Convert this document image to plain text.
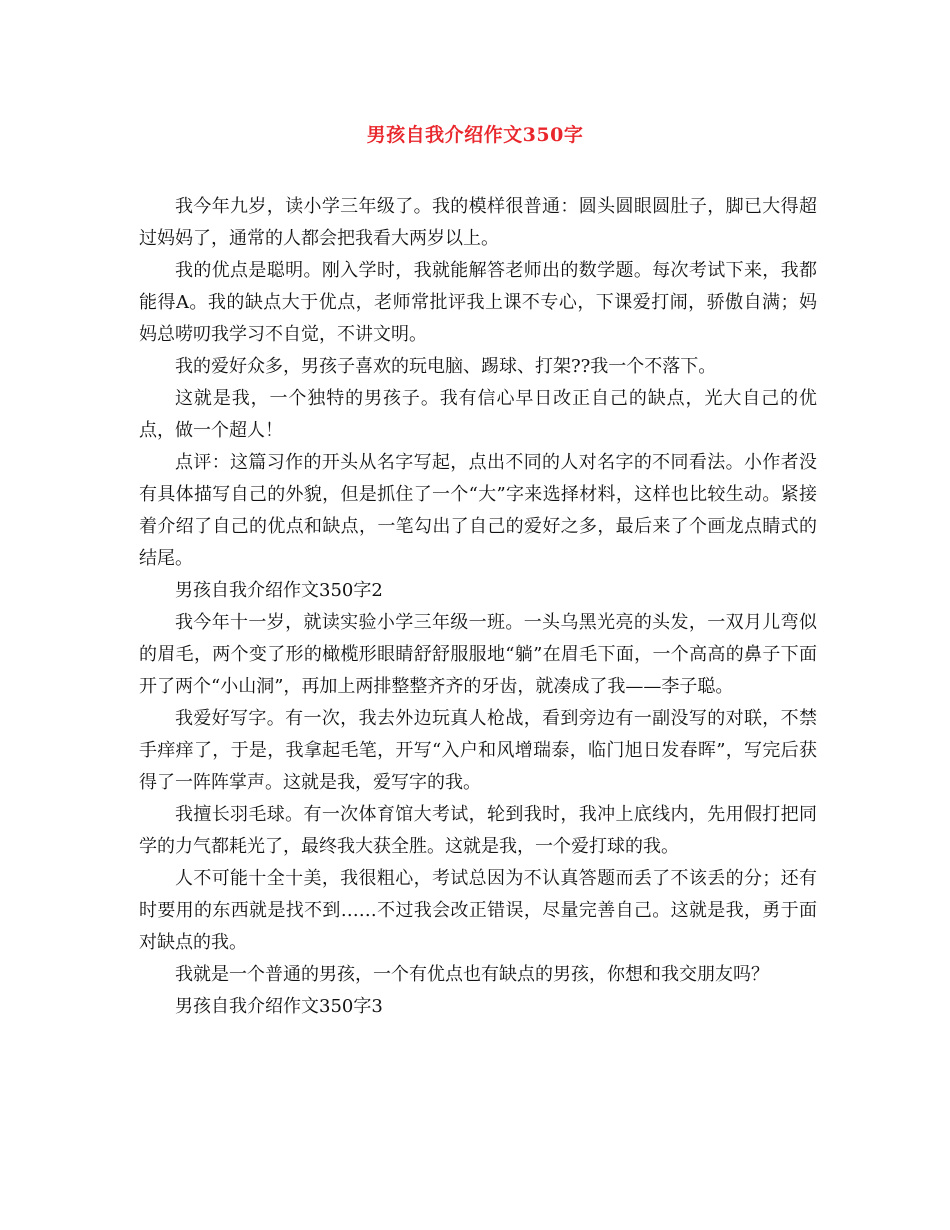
男孩自我介绍作文350字

我今年九岁，读小学三年级了。我的模样很普通：圆头圆眼圆肚子，脚已大得超过妈妈了，通常的人都会把我看大两岁以上。

我的优点是聪明。刚入学时，我就能解答老师出的数学题。每次考试下来，我都能得A。我的缺点大于优点，老师常批评我上课不专心，下课爱打闹，骄傲自满；妈妈总唠叨我学习不自觉，不讲文明。

我的爱好众多，男孩子喜欢的玩电脑、踢球、打架??我一个不落下。

这就是我，一个独特的男孩子。我有信心早日改正自己的缺点，光大自己的优点，做一个超人！

点评：这篇习作的开头从名字写起，点出不同的人对名字的不同看法。小作者没有具体描写自己的外貌，但是抓住了一个“大”字来选择材料，这样也比较生动。紧接着介绍了自己的优点和缺点，一笔勾出了自己的爱好之多，最后来了个画龙点睛式的结尾。

男孩自我介绍作文350字2

我今年十一岁，就读实验小学三年级一班。一头乌黑光亮的头发，一双月儿弯似的眉毛，两个变了形的橄榄形眼睛舒舒服服地“躺”在眉毛下面，一个高高的鼻子下面开了两个“小山洞”，再加上两排整整齐齐的牙齿，就凑成了我——李子聪。

我爱好写字。有一次，我去外边玩真人枪战，看到旁边有一副没写的对联，不禁手痒痒了，于是，我拿起毛笔，开写“入户和风增瑞泰，临门旭日发春晖”，写完后获得了一阵阵掌声。这就是我，爱写字的我。

我擅长羽毛球。有一次体育馆大考试，轮到我时，我冲上底线内，先用假打把同学的力气都耗光了，最终我大获全胜。这就是我，一个爱打球的我。

人不可能十全十美，我很粗心，考试总因为不认真答题而丢了不该丢的分；还有时要用的东西就是找不到……不过我会改正错误，尽量完善自己。这就是我，勇于面对缺点的我。

我就是一个普通的男孩，一个有优点也有缺点的男孩，你想和我交朋友吗？

男孩自我介绍作文350字3
